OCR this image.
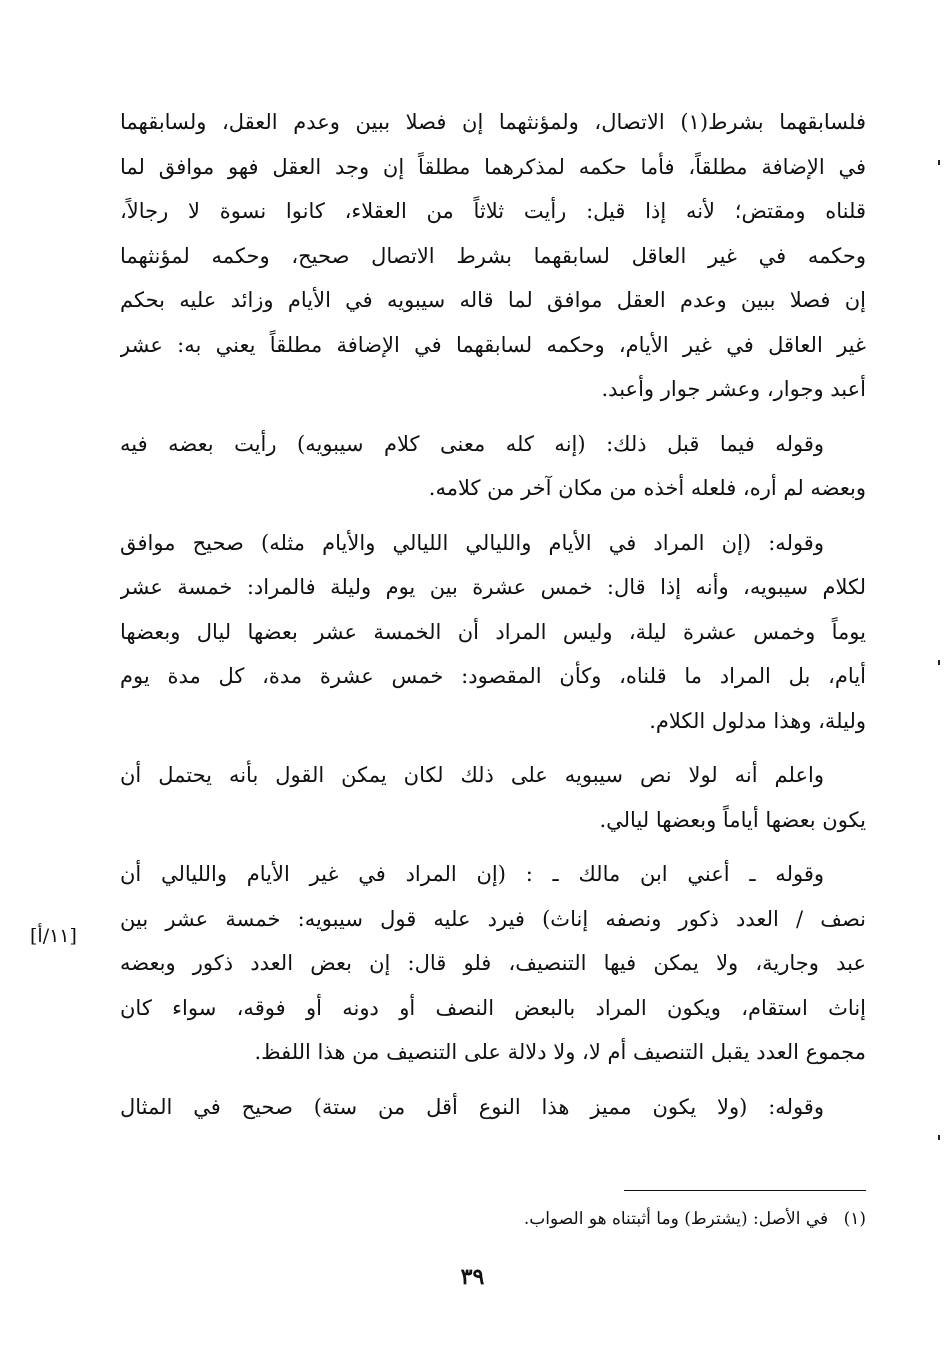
فلسابقهما بشرط(١) الاتصال، ولمؤنثهما إن فصلا ببين وعدم العقل، ولسابقهما
في الإضافة مطلقاً، فأما حكمه لمذكرهما مطلقاً إن وجد العقل فهو موافق لما
قلناه ومقتض؛ لأنه إذا قيل: رأيت ثلاثاً من العقلاء، كانوا نسوة لا رجالاً،
وحكمه في غير العاقل لسابقهما بشرط الاتصال صحيح، وحكمه لمؤنثهما
إن فصلا ببين وعدم العقل موافق لما قاله سيبويه في الأيام وزائد عليه بحكم
غير العاقل في غير الأيام، وحكمه لسابقهما في الإضافة مطلقاً يعني به: عشر
أعبد وجوار، وعشر جوار وأعبد.
وقوله فيما قبل ذلك: (إنه كله معنى كلام سيبويه) رأيت بعضه فيه
وبعضه لم أره، فلعله أخذه من مكان آخر من كلامه.
وقوله: (إن المراد في الأيام والليالي الليالي والأيام مثله) صحيح موافق
لكلام سيبويه، وأنه إذا قال: خمس عشرة بين يوم وليلة فالمراد: خمسة عشر
يوماً وخمس عشرة ليلة، وليس المراد أن الخمسة عشر بعضها ليال وبعضها
أيام، بل المراد ما قلناه، وكأن المقصود: خمس عشرة مدة، كل مدة يوم
وليلة، وهذا مدلول الكلام.
واعلم أنه لولا نص سيبويه على ذلك لكان يمكن القول بأنه يحتمل أن
يكون بعضها أياماً وبعضها ليالي.
وقوله ـ أعني ابن مالك ـ : (إن المراد في غير الأيام والليالي أن
نصف / العدد ذكور ونصفه إناث) فيرد عليه قول سيبويه: خمسة عشر بين
عبد وجارية، ولا يمكن فيها التنصيف، فلو قال: إن بعض العدد ذكور وبعضه
إناث استقام، ويكون المراد بالبعض النصف أو دونه أو فوقه، سواء كان
مجموع العدد يقبل التنصيف أم لا، ولا دلالة على التنصيف من هذا اللفظ.
وقوله: (ولا يكون مميز هذا النوع أقل من ستة) صحيح في المثال
[١١/أ]
(١) في الأصل: (يشترط) وما أثبتناه هو الصواب.
٣٩
